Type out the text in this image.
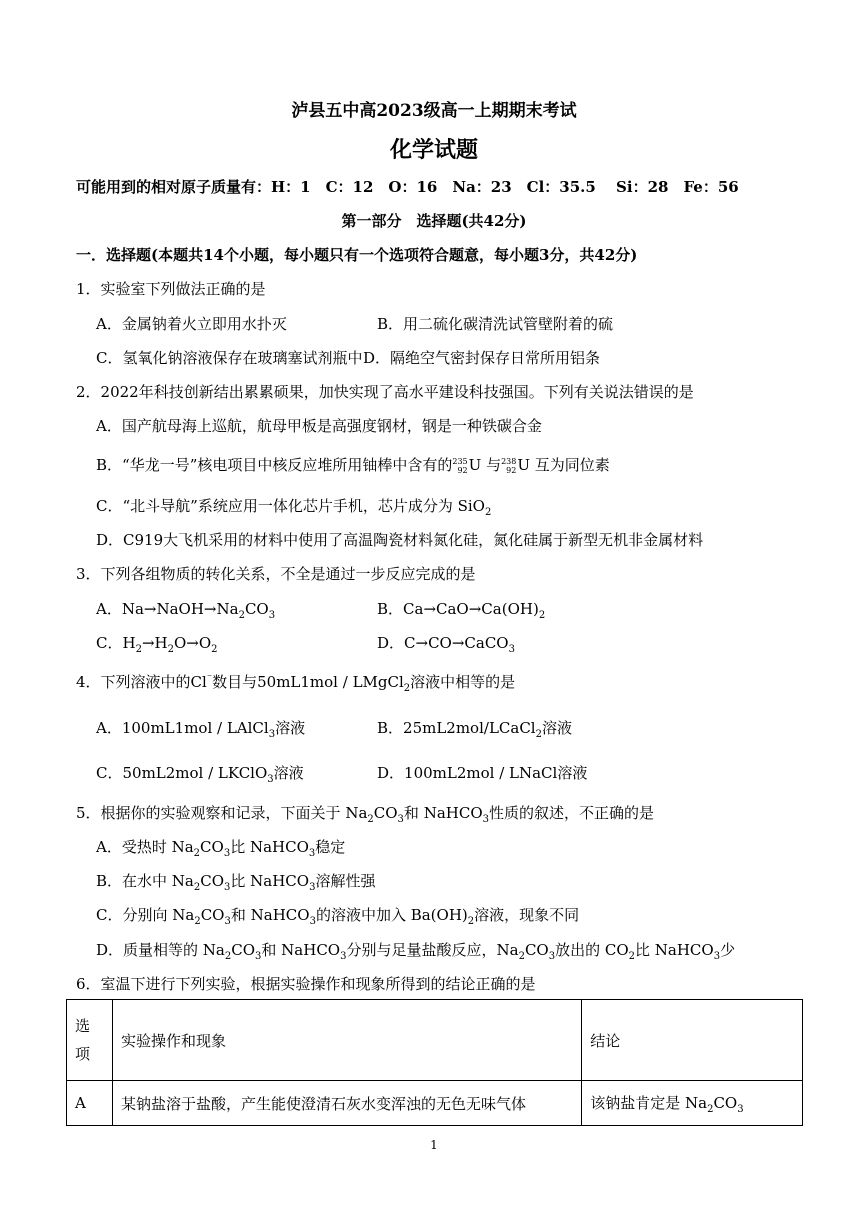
泸县五中高2023级高一上期期末考试
化学试题
可能用到的相对原子质量有：H：1　C：12　O：16　Na：23　Cl：35.5　 Si：28　Fe：56
第一部分　选择题(共42分)
一．选择题(本题共14个小题，每小题只有一个选项符合题意，每小题3分，共42分)
1．实验室下列做法正确的是
A．金属钠着火立即用水扑灭	B．用二硫化碳清洗试管壁附着的硫
C．氢氧化钠溶液保存在玻璃塞试剂瓶中 D．隔绝空气密封保存日常所用铝条
2．2022年科技创新结出累累硕果，加快实现了高水平建设科技强国。下列有关说法错误的是
A．国产航母海上巡航，航母甲板是高强度钢材，钢是一种铁碳合金
B．“华龙一号”核电项目中核反应堆所用铀棒中含有的 235
92 U 与 238
92 U 互为同位素
C．“北斗导航”系统应用一体化芯片手机，芯片成分为 SiO$_2$
D．C919大飞机采用的材料中使用了高温陶瓷材料氮化硅，氮化硅属于新型无机非金属材料
3．下列各组物质的转化关系，不全是通过一步反应完成的是
A．$Na\to NaOH\to Na_2CO_3$	B．$Ca\to CaO\to Ca(OH)_2$
C．$H_2\to H_2O\to O_2$	D．C→CO→CaCO$_3$
4．下列溶液中的Cl⁻数目与50mL1mol / LMgCl$_2$溶液中相等的是
A．100mL1mol / LAlCl$_3$溶液	B．25mL2mol/LCaCl$_2$溶液
C．50mL2mol / LKClO$_3$溶液	D．100mL2mol / LNaCl溶液
5．根据你的实验观察和记录，下面关于 $Na_2CO_3$和 NaHCO$_3$性质的叙述，不正确的是
A．受热时 $Na_2CO_3$比 NaHCO$_3$稳定
B．在水中 $Na_2CO_3$比 NaHCO$_3$溶解性强
C．分别向 $Na_2CO_3$和 NaHCO$_3$的溶液中加入 $Ba(OH)_2$溶液，现象不同
D．质量相等的 $Na_2CO_3$和 NaHCO$_3$分别与足量盐酸反应，$Na_2CO_3$放出的 $CO_2$比 NaHCO$_3$少
6．室温下进行下列实验，根据实验操作和现象所得到的结论正确的是
选
项	实验操作和现象	结论
A	某钠盐溶于盐酸，产生能使澄清石灰水变浑浊的无色无味气体	该钠盐肯定是 $Na_2CO_3$
1
